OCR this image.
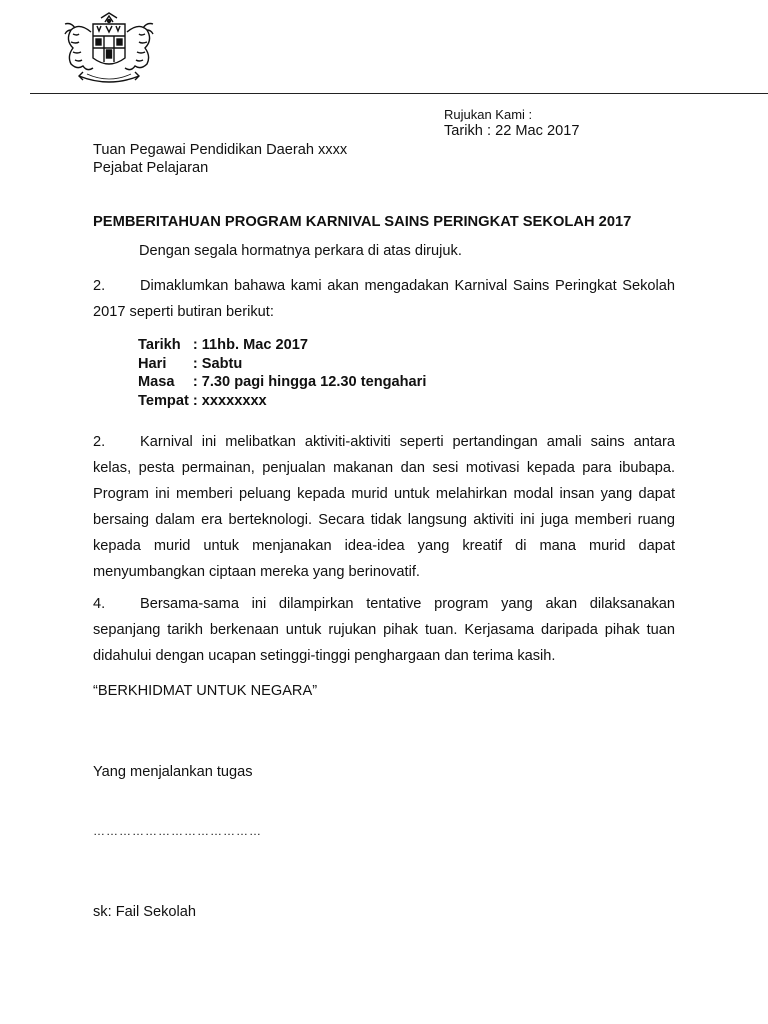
Rujukan Kami :
Tarikh : 22 Mac 2017
Tuan Pegawai Pendidikan Daerah xxxx
Pejabat Pelajaran
PEMBERITAHUAN PROGRAM KARNIVAL SAINS PERINGKAT SEKOLAH 2017
Dengan segala hormatnya perkara di atas dirujuk.

2. Dimaklumkan bahawa kami akan mengadakan Karnival Sains Peringkat Sekolah 2017 seperti butiran berikut:

Tarikh	: 11hb. Mac 2017
Hari	: Sabtu
Masa	: 7.30 pagi hingga 12.30 tengahari
Tempat	: xxxxxxxx

2. Karnival ini melibatkan aktiviti-aktiviti seperti pertandingan amali sains antara kelas, pesta permainan, penjualan makanan dan sesi motivasi kepada para ibubapa. Program ini memberi peluang kepada murid untuk melahirkan modal insan yang dapat bersaing dalam era berteknologi. Secara tidak langsung aktiviti ini juga memberi ruang kepada murid untuk menjanakan idea-idea yang kreatif di mana murid dapat menyumbangkan ciptaan mereka yang berinovatif.

4. Bersama-sama ini dilampirkan tentative program yang akan dilaksanakan sepanjang tarikh berkenaan untuk rujukan pihak tuan. Kerjasama daripada pihak tuan didahului dengan ucapan setinggi-tinggi penghargaan dan terima kasih.

“BERKHIDMAT UNTUK NEGARA”
Yang menjalankan tugas
…………………………………
sk: Fail Sekolah
